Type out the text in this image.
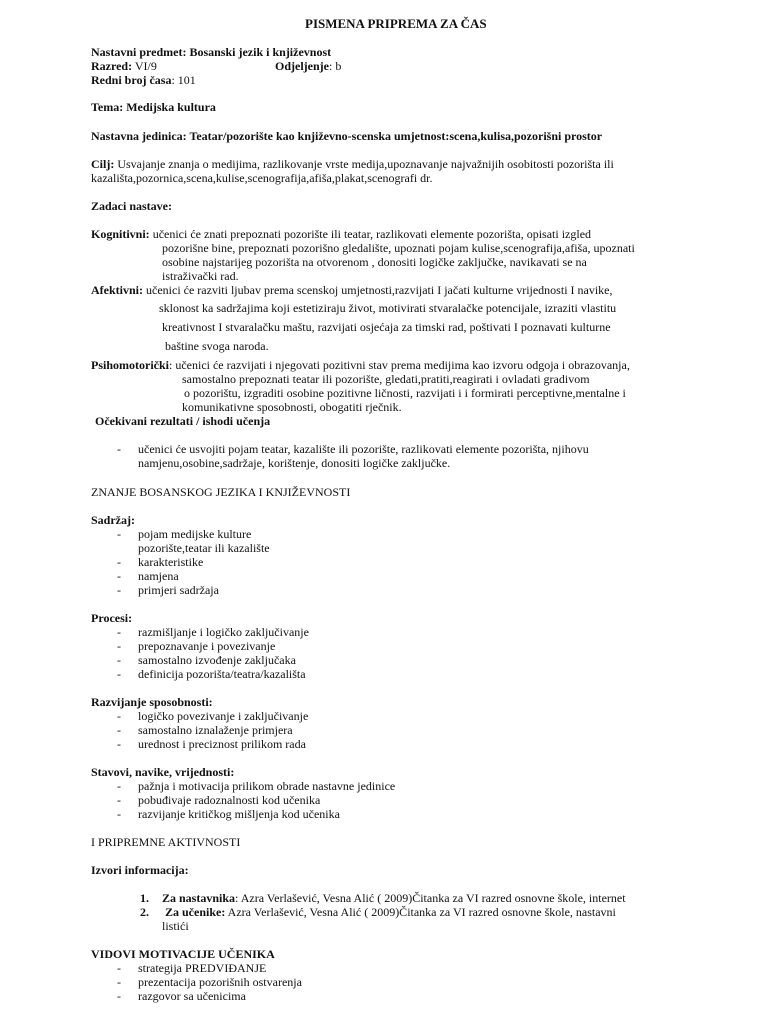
PISMENA PRIPREMA ZA ČAS
Nastavni predmet: Bosanski jezik i književnost
Razred: VI/9	Odjeljenje: b
Redni broj časa: 101
Tema: Medijska kultura
Nastavna jedinica: Teatar/pozorište kao književno-scenska umjetnost:scena,kulisa,pozorišni prostor
Cilj: Usvajanje znanja o medijima, razlikovanje vrste medija,upoznavanje najvažnijih osobitosti pozorišta ili
kazališta,pozornica,scena,kulise,scenografija,afiša,plakat,scenografi dr.
Zadaci nastave:
Kognitivni: učenici će znati prepoznati pozorište ili teatar, razlikovati elemente pozorišta, opisati izgled
pozorišne bine, prepoznati pozorišno gledalište, upoznati pojam kulise,scenografija,afiša, upoznati
osobine najstarijeg pozorišta na otvorenom , donositi logičke zaključke, navikavati se na
istraživački rad.
Afektivni: učenici će razviti ljubav prema scenskoj umjetnosti,razvijati I jačati kulturne vrijednosti I navike,
sklonost ka sadržajima koji estetiziraju život, motivirati stvaralačke potencijale, izraziti vlastitu
kreativnost I stvaralačku maštu, razvijati osjećaja za timski rad, poštivati I poznavati kulturne
baštine svoga naroda.
Psihomotorički: učenici će razvijati i njegovati pozitivni stav prema medijima kao izvoru odgoja i obrazovanja,
samostalno prepoznati teatar ili pozorište, gledati,pratiti,reagirati i ovladati gradivom
o pozorištu, izgraditi osobine pozitivne ličnosti, razvijati i i formirati perceptivne,mentalne i
komunikativne sposobnosti, obogatiti rječnik.
Očekivani rezultati / ishodi učenja
-	učenici će usvojiti pojam teatar, kazalište ili pozorište, razlikovati elemente pozorišta, njihovu
namjenu,osobine,sadržaje, korištenje, donositi logičke zaključke.
ZNANJE BOSANSKOG JEZIKA I KNJIŽEVNOSTI
Sadržaj:
-	pojam medijske kulture
pozorište,teatar ili kazalište
-	karakteristike
-	namjena
-	primjeri sadržaja
Procesi:
-	razmišljanje i logičko zaključivanje
-	prepoznavanje i povezivanje
-	samostalno izvođenje zaključaka
-	definicija pozorišta/teatra/kazališta
Razvijanje sposobnosti:
-	logičko povezivanje i zaključivanje
-	samostalno iznalaženje primjera
-	urednost i preciznost prilikom rada
Stavovi, navike, vrijednosti:
-	pažnja i motivacija prilikom obrade nastavne jedinice
-	pobuđivaje radoznalnosti kod učenika
-	razvijanje kritičkog mišljenja kod učenika
I PRIPREMNE AKTIVNOSTI
Izvori informacija:
1. Za nastavnika: Azra Verlašević, Vesna Alić ( 2009)Čitanka za VI razred osnovne škole, internet
2. Za učenike: Azra Verlašević, Vesna Alić ( 2009)Čitanka za VI razred osnovne škole, nastavni
listići
VIDOVI MOTIVACIJE UČENIKA
-	strategija PREDVIĐANJE
-	prezentacija pozorišnih ostvarenja
-	razgovor sa učenicima
